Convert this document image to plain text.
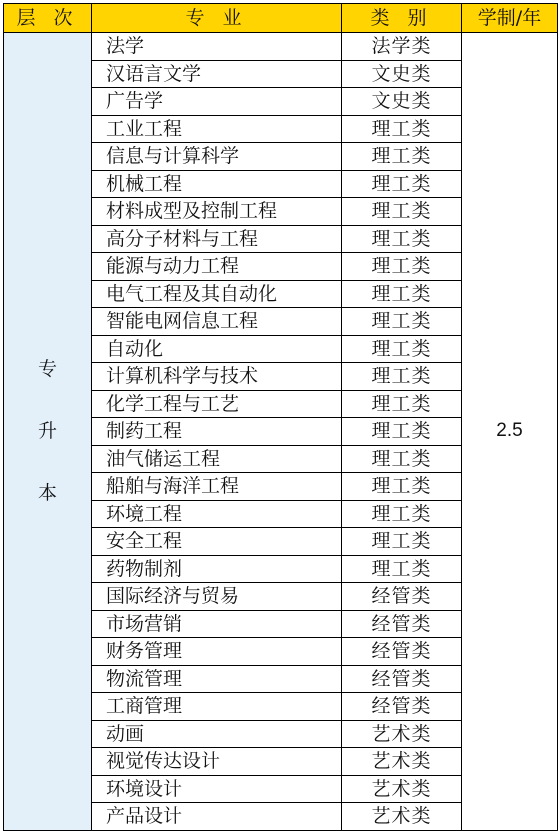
层 次	专 业	类 别	学制/年

专
升
本	法学	法学类	2.5
	汉语言文学	文史类	
	广告学	文史类	
	工业工程	理工类	
	信息与计算科学	理工类	
	机械工程	理工类	
	材料成型及控制工程	理工类	
	高分子材料与工程	理工类	
	能源与动力工程	理工类	
	电气工程及其自动化	理工类	
	智能电网信息工程	理工类	
	自动化	理工类	
	计算机科学与技术	理工类	
	化学工程与工艺	理工类	
	制药工程	理工类	
	油气储运工程	理工类	
	船舶与海洋工程	理工类	
	环境工程	理工类	
	安全工程	理工类	
	药物制剂	理工类	
	国际经济与贸易	经管类	
	市场营销	经管类	
	财务管理	经管类	
	物流管理	经管类	
	工商管理	经管类	
	动画	艺术类	
	视觉传达设计	艺术类	
	环境设计	艺术类	
	产品设计	艺术类	
